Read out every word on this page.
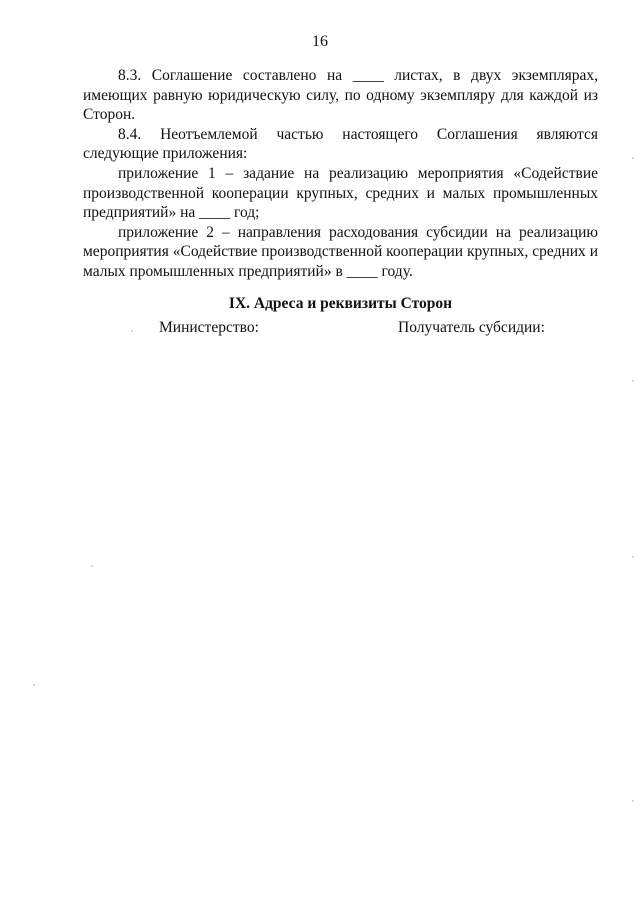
16

8.3. Соглашение составлено на ____ листах, в двух экземплярах, имеющих равную юридическую силу, по одному экземпляру для каждой из Сторон.

8.4. Неотъемлемой частью настоящего Соглашения являются следующие приложения:

приложение 1 – задание на реализацию мероприятия «Содействие производственной кооперации крупных, средних и малых промышленных предприятий» на ____ год;

приложение 2 – направления расходования субсидии на реализацию мероприятия «Содействие производственной кооперации крупных, средних и малых промышленных предприятий» в ____ году.

IX. Адреса и реквизиты Сторон

Министерство:	Получатель субсидии:
